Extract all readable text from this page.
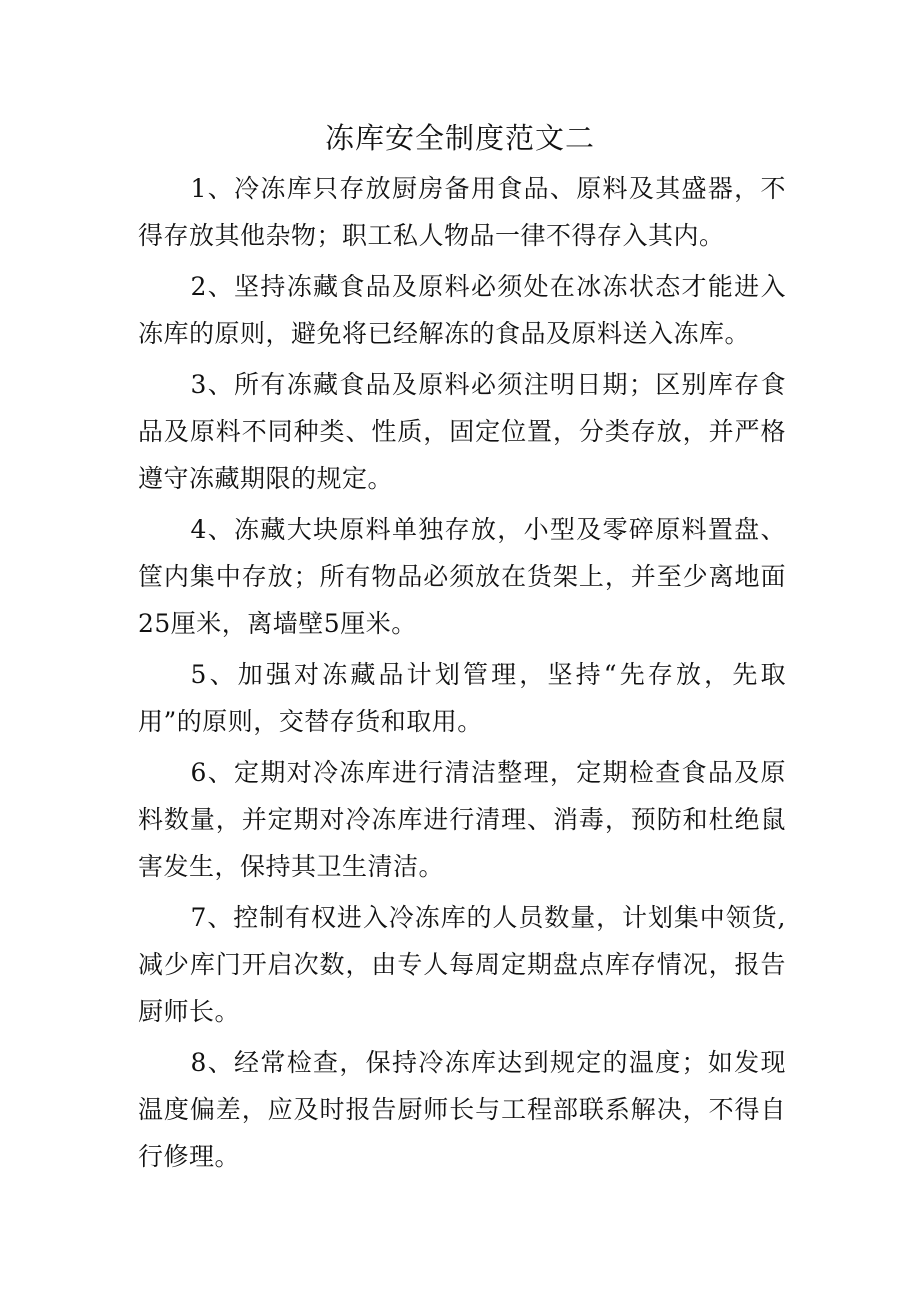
冻库安全制度范文二

1、冷冻库只存放厨房备用食品、原料及其盛器，不得存放其他杂物；职工私人物品一律不得存入其内。

2、坚持冻藏食品及原料必须处在冰冻状态才能进入冻库的原则，避免将已经解冻的食品及原料送入冻库。

3、所有冻藏食品及原料必须注明日期；区别库存食品及原料不同种类、性质，固定位置，分类存放，并严格遵守冻藏期限的规定。

4、冻藏大块原料单独存放，小型及零碎原料置盘、筐内集中存放；所有物品必须放在货架上，并至少离地面25厘米，离墙壁5厘米。

5、加强对冻藏品计划管理，坚持“先存放，先取用”的原则，交替存货和取用。

6、定期对冷冻库进行清洁整理，定期检查食品及原料数量，并定期对冷冻库进行清理、消毒，预防和杜绝鼠害发生，保持其卫生清洁。

7、控制有权进入冷冻库的人员数量，计划集中领货,减少库门开启次数，由专人每周定期盘点库存情况，报告厨师长。

8、经常检查，保持冷冻库达到规定的温度；如发现温度偏差，应及时报告厨师长与工程部联系解决，不得自行修理。
